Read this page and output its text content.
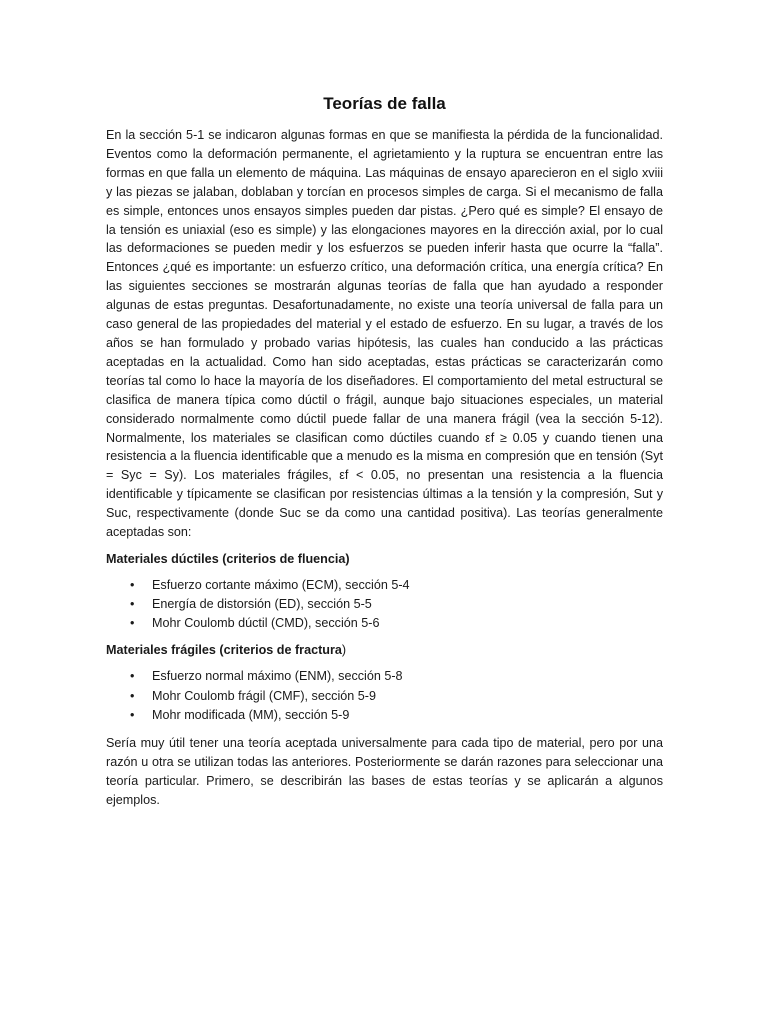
Teorías de falla

En la sección 5-1 se indicaron algunas formas en que se manifiesta la pérdida de la funcionalidad. Eventos como la deformación permanente, el agrietamiento y la ruptura se encuentran entre las formas en que falla un elemento de máquina. Las máquinas de ensayo aparecieron en el siglo xviii y las piezas se jalaban, doblaban y torcían en procesos simples de carga. Si el mecanismo de falla es simple, entonces unos ensayos simples pueden dar pistas. ¿Pero qué es simple? El ensayo de la tensión es uniaxial (eso es simple) y las elongaciones mayores en la dirección axial, por lo cual las deformaciones se pueden medir y los esfuerzos se pueden inferir hasta que ocurre la “falla”. Entonces ¿qué es importante: un esfuerzo crítico, una deformación crítica, una energía crítica? En las siguientes secciones se mostrarán algunas teorías de falla que han ayudado a responder algunas de estas preguntas. Desafortunadamente, no existe una teoría universal de falla para un caso general de las propiedades del material y el estado de esfuerzo. En su lugar, a través de los años se han formulado y probado varias hipótesis, las cuales han conducido a las prácticas aceptadas en la actualidad. Como han sido aceptadas, estas prácticas se caracterizarán como teorías tal como lo hace la mayoría de los diseñadores. El comportamiento del metal estructural se clasifica de manera típica como dúctil o frágil, aunque bajo situaciones especiales, un material considerado normalmente como dúctil puede fallar de una manera frágil (vea la sección 5-12). Normalmente, los materiales se clasifican como dúctiles cuando εf ≥ 0.05 y cuando tienen una resistencia a la fluencia identificable que a menudo es la misma en compresión que en tensión (Syt = Syc = Sy). Los materiales frágiles, εf < 0.05, no presentan una resistencia a la fluencia identificable y típicamente se clasifican por resistencias últimas a la tensión y la compresión, Sut y Suc, respectivamente (donde Suc se da como una cantidad positiva). Las teorías generalmente aceptadas son:

Materiales dúctiles (criterios de fluencia)
• Esfuerzo cortante máximo (ECM), sección 5-4
• Energía de distorsión (ED), sección 5-5
• Mohr Coulomb dúctil (CMD), sección 5-6
Materiales frágiles (criterios de fractura)
• Esfuerzo normal máximo (ENM), sección 5-8
• Mohr Coulomb frágil (CMF), sección 5-9
• Mohr modificada (MM), sección 5-9

Sería muy útil tener una teoría aceptada universalmente para cada tipo de material, pero por una razón u otra se utilizan todas las anteriores. Posteriormente se darán razones para seleccionar una teoría particular. Primero, se describirán las bases de estas teorías y se aplicarán a algunos ejemplos.
